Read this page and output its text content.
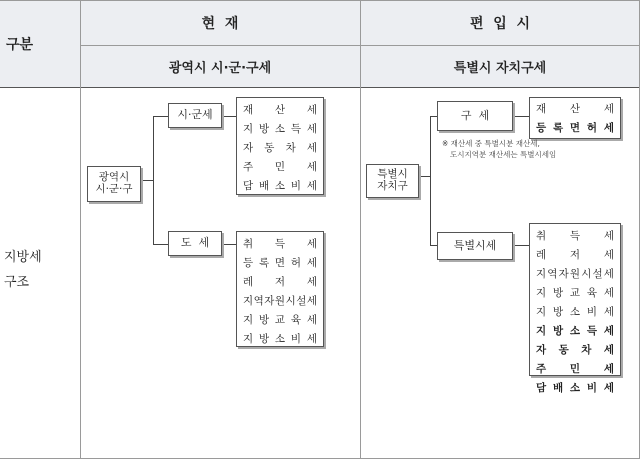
구분
현  재	편  입  시
광역시 시·군·구세	특별시 자치구세
지방세
구조
광역시
시·군·구
시·군세
도  세
재 산 세
지 방 소 득 세
자 동 차 세
주 민 세
담 배 소 비 세
취 득 세
등 록 면 허 세
레 저 세
지 역 자 원 시 설 세
지 방 교 육 세
지 방 소 비 세
특별시
자치구
구  세
특별시세
재 산 세
등 록 면 허 세
취 득 세
레 저 세
지 역 자 원 시 설 세
지 방 교 육 세
지 방 소 비 세
지 방 소 득 세
자 동 차 세
주 민 세
담 배 소 비 세
※ 재산세 중 특별시분 재산세,
도시지역분 재산세는 특별시세임
